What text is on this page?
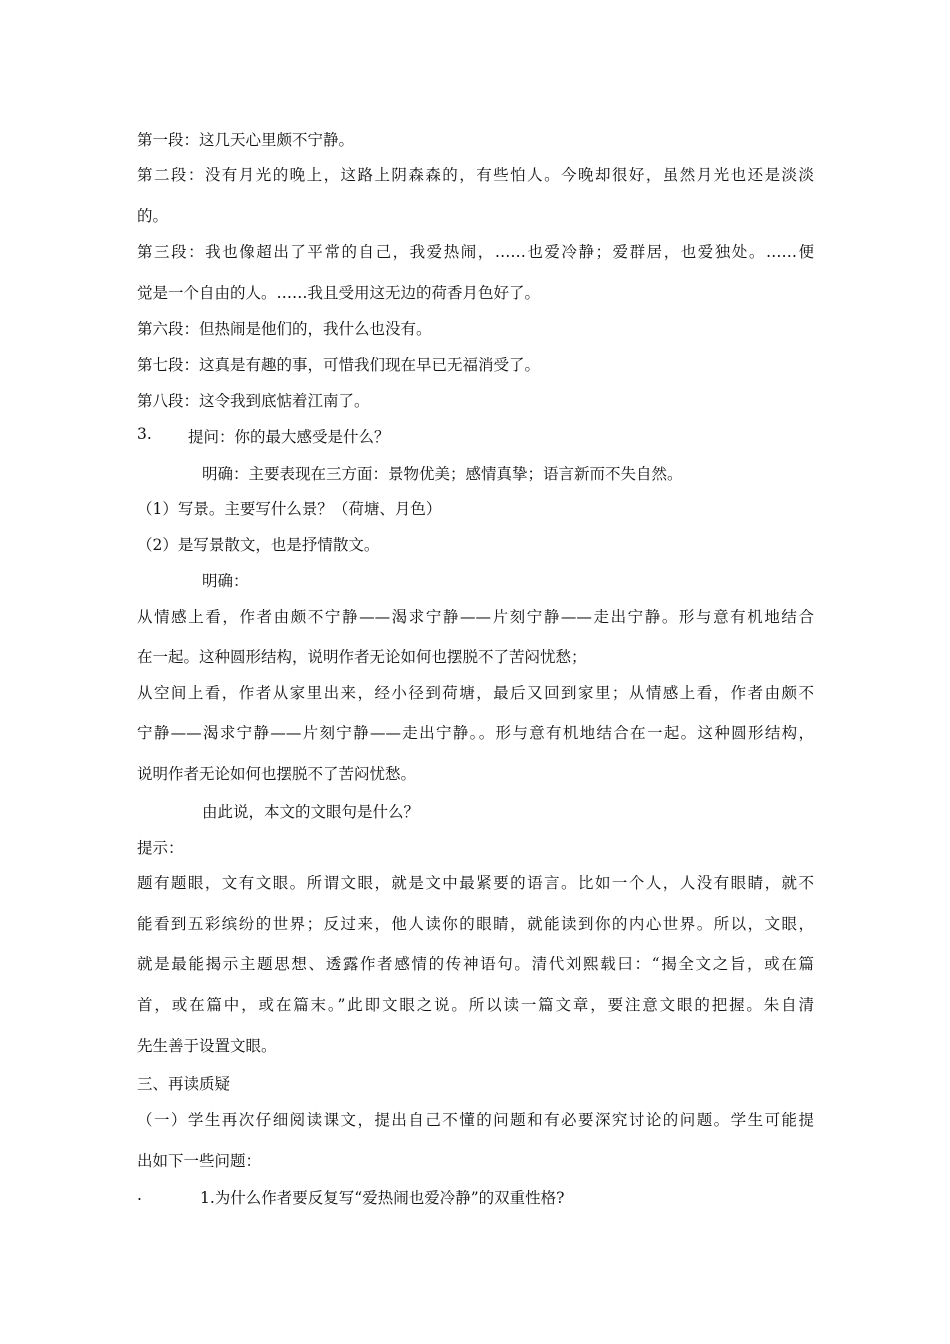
第一段：这几天心里颇不宁静。
第二段：没有月光的晚上，这路上阴森森的，有些怕人。今晚却很好，虽然月光也还是淡淡
的。
第三段：我也像超出了平常的自己，我爱热闹，……也爱冷静；爱群居，也爱独处。……便
觉是一个自由的人。……我且受用这无边的荷香月色好了。
第六段：但热闹是他们的，我什么也没有。
第七段：这真是有趣的事，可惜我们现在早已无福消受了。
第八段：这令我到底惦着江南了。
3. 提问：你的最大感受是什么？
明确：主要表现在三方面：景物优美；感情真挚；语言新而不失自然。
（1）写景。主要写什么景？（荷塘、月色）
（2）是写景散文，也是抒情散文。
明确：
从情感上看，作者由颇不宁静——渴求宁静——片刻宁静——走出宁静。形与意有机地结合
在一起。这种圆形结构，说明作者无论如何也摆脱不了苦闷忧愁；
从空间上看，作者从家里出来，经小径到荷塘，最后又回到家里；从情感上看，作者由颇不
宁静——渴求宁静——片刻宁静——走出宁静。。形与意有机地结合在一起。这种圆形结构，
说明作者无论如何也摆脱不了苦闷忧愁。
由此说，本文的文眼句是什么？
提示：
题有题眼，文有文眼。所谓文眼，就是文中最紧要的语言。比如一个人，人没有眼睛，就不
能看到五彩缤纷的世界；反过来，他人读你的眼睛，就能读到你的内心世界。所以，文眼，
就是最能揭示主题思想、透露作者感情的传神语句。清代刘熙载曰：“揭全文之旨，或在篇
首，或在篇中，或在篇末。”此即文眼之说。所以读一篇文章，要注意文眼的把握。朱自清
先生善于设置文眼。
三、再读质疑
（一）学生再次仔细阅读课文，提出自己不懂的问题和有必要深究讨论的问题。学生可能提
出如下一些问题：
.	1.为什么作者要反复写“爱热闹也爱冷静”的双重性格?
